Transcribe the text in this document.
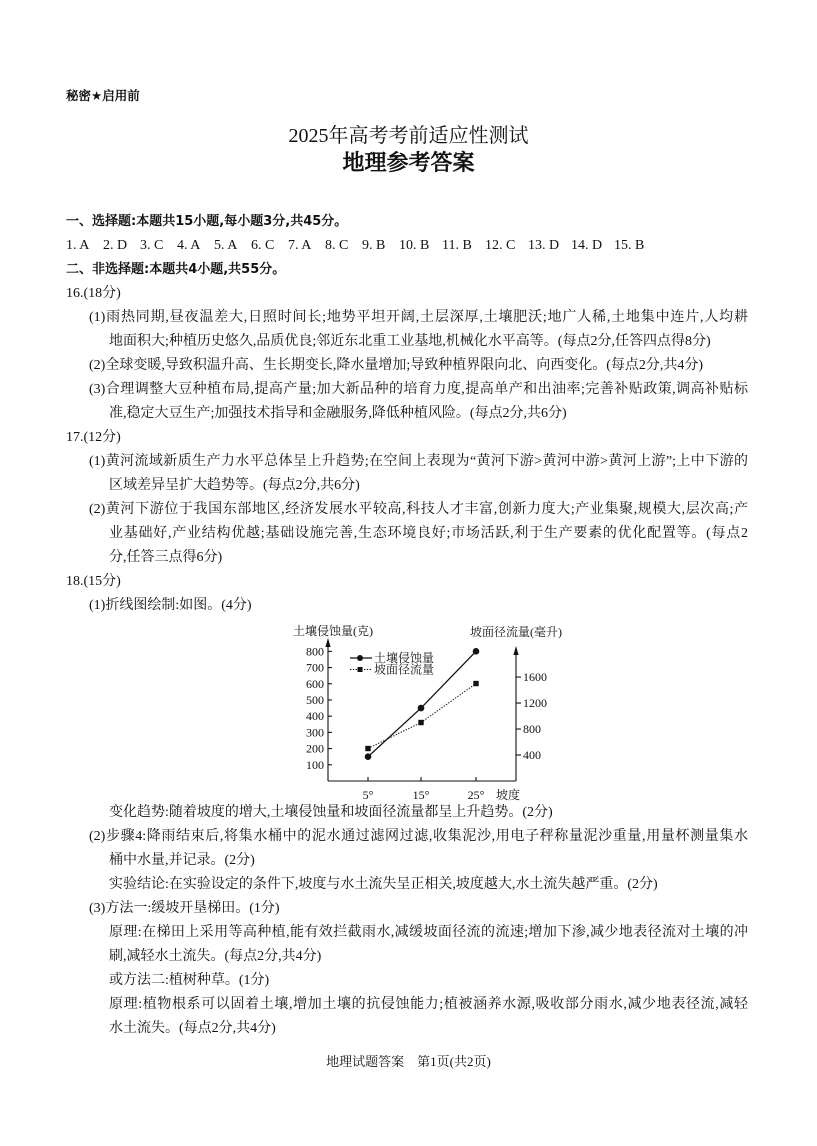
秘密★启用前
2025年高考考前适应性测试
地理参考答案
一、选择题:本题共15小题,每小题3分,共45分。
1. A 2. D 3. C 4. A 5. A 6. C 7. A 8. C 9. B 10. B 11. B 12. C 13. D 14. D 15. B
二、非选择题:本题共4小题,共55分。
16.(18分)
(1)雨热同期,昼夜温差大,日照时间长;地势平坦开阔,土层深厚,土壤肥沃;地广人稀,土地集中连片,人均耕
地面积大;种植历史悠久,品质优良;邻近东北重工业基地,机械化水平高等。(每点2分,任答四点得8分)
(2)全球变暖,导致积温升高、生长期变长,降水量增加;导致种植界限向北、向西变化。(每点2分,共4分)
(3)合理调整大豆种植布局,提高产量;加大新品种的培育力度,提高单产和出油率;完善补贴政策,调高补贴标
准,稳定大豆生产;加强技术指导和金融服务,降低种植风险。(每点2分,共6分)
17.(12分)
(1)黄河流域新质生产力水平总体呈上升趋势;在空间上表现为“黄河下游>黄河中游>黄河上游”;上中下游的
区域差异呈扩大趋势等。(每点2分,共6分)
(2)黄河下游位于我国东部地区,经济发展水平较高,科技人才丰富,创新力度大;产业集聚,规模大,层次高;产
业基础好,产业结构优越;基础设施完善,生态环境良好;市场活跃,利于生产要素的优化配置等。(每点2
分,任答三点得6分)
18.(15分)
(1)折线图绘制:如图。(4分)
土壤侵蚀量(克)	坡面径流量(毫升)
坡度
100
200
300
400
500
600
700
800
400
800
1200
1600
5°	15°	25°
土壤侵蚀量
坡面径流量
变化趋势:随着坡度的增大,土壤侵蚀量和坡面径流量都呈上升趋势。(2分)
(2)步骤4:降雨结束后,将集水桶中的泥水通过滤网过滤,收集泥沙,用电子秤称量泥沙重量,用量杯测量集水
桶中水量,并记录。(2分)
实验结论:在实验设定的条件下,坡度与水土流失呈正相关,坡度越大,水土流失越严重。(2分)
(3)方法一:缓坡开垦梯田。(1分)
原理:在梯田上采用等高种植,能有效拦截雨水,减缓坡面径流的流速;增加下渗,减少地表径流对土壤的冲
刷,减轻水土流失。(每点2分,共4分)
或方法二:植树种草。(1分)
原理:植物根系可以固着土壤,增加土壤的抗侵蚀能力;植被涵养水源,吸收部分雨水,减少地表径流,减轻
水土流失。(每点2分,共4分)
地理试题答案　第1页(共2页)
